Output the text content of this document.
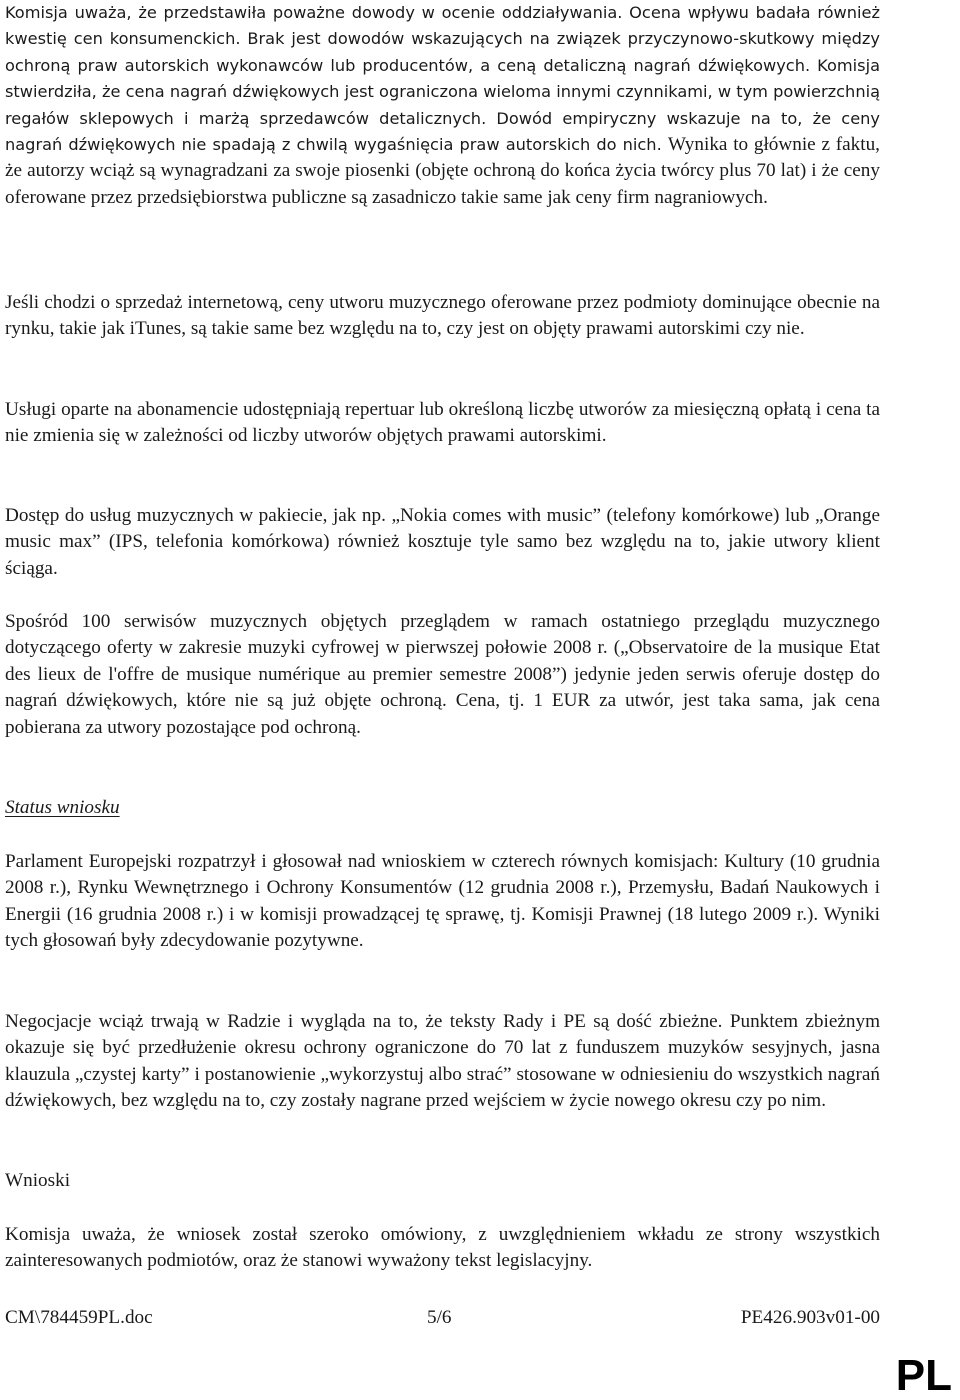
Komisja uważa, że przedstawiła poważne dowody w ocenie oddziaływania. Ocena wpływu badała również kwestię cen konsumenckich. Brak jest dowodów wskazujących na związek przyczynowo-skutkowy między ochroną praw autorskich wykonawców lub producentów, a ceną detaliczną nagrań dźwiękowych. Komisja stwierdziła, że cena nagrań dźwiękowych jest ograniczona wieloma innymi czynnikami, w tym powierzchnią regałów sklepowych i marżą sprzedawców detalicznych. Dowód empiryczny wskazuje na to, że ceny nagrań dźwiękowych nie spadają z chwilą wygaśnięcia praw autorskich do nich. Wynika to głównie z faktu, że autorzy wciąż są wynagradzani za swoje piosenki (objęte ochroną do końca życia twórcy plus 70 lat) i że ceny oferowane przez przedsiębiorstwa publiczne są zasadniczo takie same jak ceny firm nagraniowych.

Jeśli chodzi o sprzedaż internetową, ceny utworu muzycznego oferowane przez podmioty dominujące obecnie na rynku, takie jak iTunes, są takie same bez względu na to, czy jest on objęty prawami autorskimi czy nie.

Usługi oparte na abonamencie udostępniają repertuar lub określoną liczbę utworów za miesięczną opłatą i cena ta nie zmienia się w zależności od liczby utworów objętych prawami autorskimi.

Dostęp do usług muzycznych w pakiecie, jak np. „Nokia comes with music” (telefony komórkowe) lub „Orange music max” (IPS, telefonia komórkowa) również kosztuje tyle samo bez względu na to, jakie utwory klient ściąga.

Spośród 100 serwisów muzycznych objętych przeglądem w ramach ostatniego przeglądu muzycznego dotyczącego oferty w zakresie muzyki cyfrowej w pierwszej połowie 2008 r. („Observatoire de la musique Etat des lieux de l'offre de musique numérique au premier semestre 2008”) jedynie jeden serwis oferuje dostęp do nagrań dźwiękowych, które nie są już objęte ochroną. Cena, tj. 1 EUR za utwór, jest taka sama, jak cena pobierana za utwory pozostające pod ochroną.

Status wniosku

Parlament Europejski rozpatrzył i głosował nad wnioskiem w czterech równych komisjach: Kultury (10 grudnia 2008 r.), Rynku Wewnętrznego i Ochrony Konsumentów (12 grudnia 2008 r.), Przemysłu, Badań Naukowych i Energii (16 grudnia 2008 r.) i w komisji prowadzącej tę sprawę, tj. Komisji Prawnej (18 lutego 2009 r.). Wyniki tych głosowań były zdecydowanie pozytywne.

Negocjacje wciąż trwają w Radzie i wygląda na to, że teksty Rady i PE są dość zbieżne. Punktem zbieżnym okazuje się być przedłużenie okresu ochrony ograniczone do 70 lat z funduszem muzyków sesyjnych, jasna klauzula „czystej karty” i postanowienie „wykorzystuj albo strać” stosowane w odniesieniu do wszystkich nagrań dźwiękowych, bez względu na to, czy zostały nagrane przed wejściem w życie nowego okresu czy po nim.

Wnioski

Komisja uważa, że wniosek został szeroko omówiony, z uwzględnieniem wkładu ze strony wszystkich zainteresowanych podmiotów, oraz że stanowi wyważony tekst legislacyjny.

CM\784459PL.doc	5/6	PE426.903v01-00
PL
